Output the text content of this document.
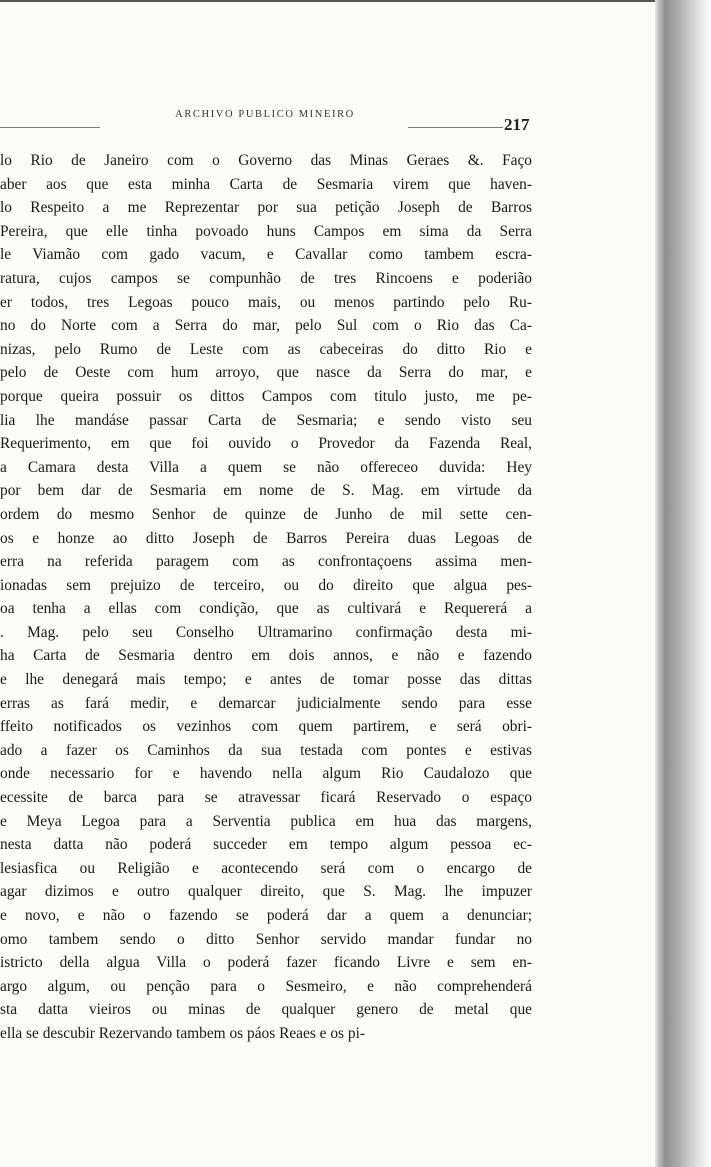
ARCHIVO PUBLICO MINEIRO
217
lo Rio de Janeiro com o Governo das Minas Geraes &. Faço
aber aos que esta minha Carta de Sesmaria virem que haven-
lo Respeito a me Reprezentar por sua petição Joseph de Barros
Pereira, que elle tinha povoado huns Campos em sima da Serra
le Viamão com gado vacum, e Cavallar como tambem escra-
ratura, cujos campos se compunhão de tres Rincoens e poderião
er todos, tres Legoas pouco mais, ou menos partindo pelo Ru-
no do Norte com a Serra do mar, pelo Sul com o Rio das Ca-
nizas, pelo Rumo de Leste com as cabeceiras do ditto Rio e
pelo de Oeste com hum arroyo, que nasce da Serra do mar, e
porque queira possuir os dittos Campos com titulo justo, me pe-
lia lhe mandáse passar Carta de Sesmaria; e sendo visto seu
Requerimento, em que foi ouvido o Provedor da Fazenda Real,
a Camara desta Villa a quem se não offereceo duvida: Hey
por bem dar de Sesmaria em nome de S. Mag. em virtude da
ordem do mesmo Senhor de quinze de Junho de mil sette cen-
os e honze ao ditto Joseph de Barros Pereira duas Legoas de
erra na referida paragem com as confrontaçoens assima men-
ionadas sem prejuizo de terceiro, ou do direito que algua pes-
oa tenha a ellas com condição, que as cultivará e Requererá a
. Mag. pelo seu Conselho Ultramarino confirmação desta mi-
ha Carta de Sesmaria dentro em dois annos, e não e fazendo
e lhe denegará mais tempo; e antes de tomar posse das dittas
erras as fará medir, e demarcar judicialmente sendo para esse
ffeito notificados os vezinhos com quem partirem, e será obri-
ado a fazer os Caminhos da sua testada com pontes e estivas
onde necessario for e havendo nella algum Rio Caudalozo que
ecessite de barca para se atravessar ficará Reservado o espaço
e Meya Legoa para a Serventia publica em hua das margens,
nesta datta não poderá succeder em tempo algum pessoa ec-
lesiasfica ou Religião e acontecendo será com o encargo de
agar dizimos e outro qualquer direito, que S. Mag. lhe impuzer
e novo, e não o fazendo se poderá dar a quem a denunciar;
omo tambem sendo o ditto Senhor servido mandar fundar no
istricto della algua Villa o poderá fazer ficando Livre e sem en-
argo algum, ou penção para o Sesmeiro, e não comprehenderá
sta datta vieiros ou minas de qualquer genero de metal que
ella se descubir Rezervando tambem os páos Reaes e os pi-
